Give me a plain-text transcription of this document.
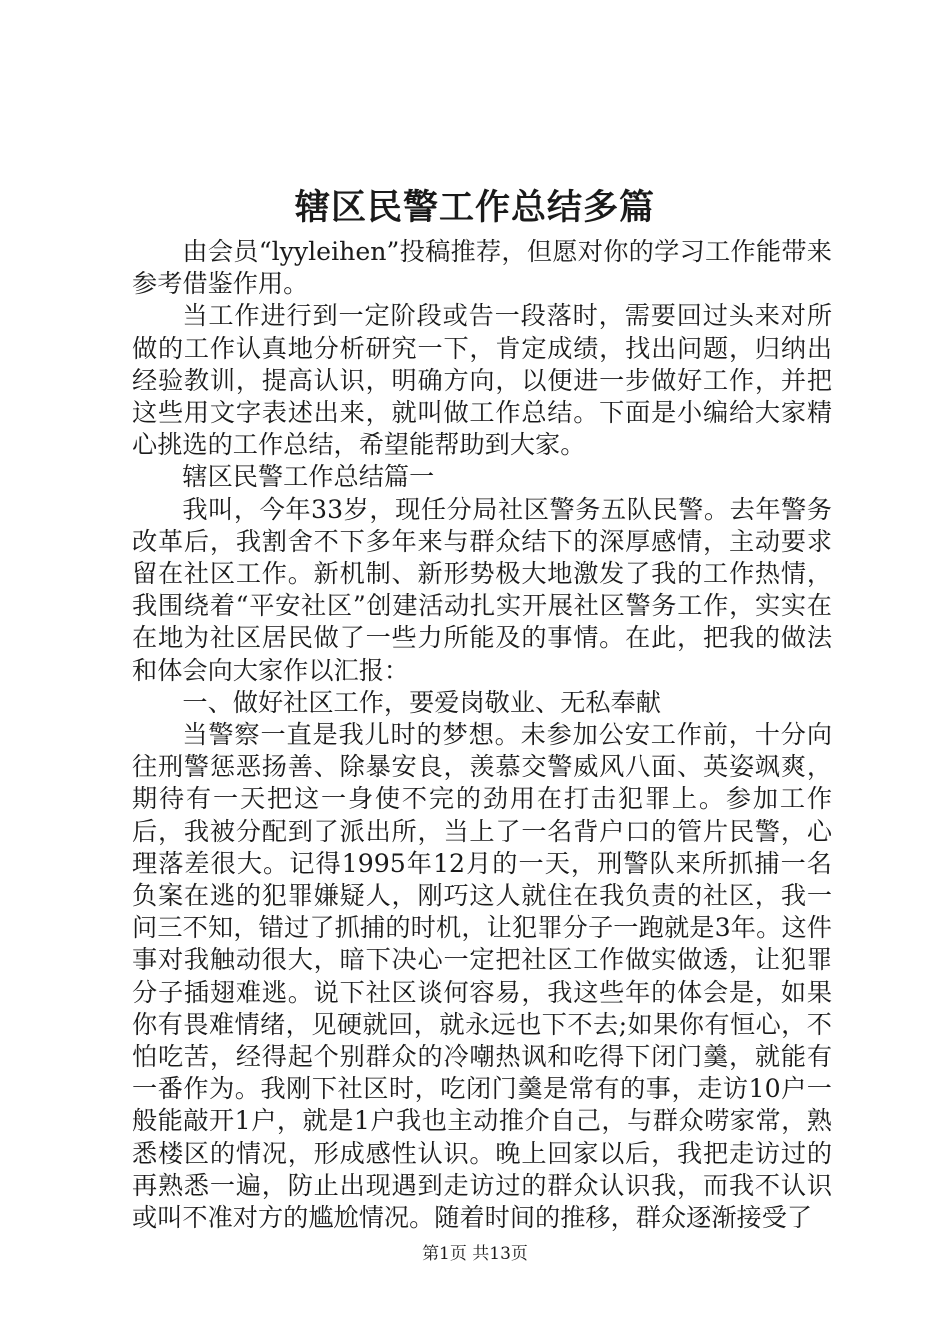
辖区民警工作总结多篇

由会员“lyyleihen”投稿推荐，但愿对你的学习工作能带来参考借鉴作用。

当工作进行到一定阶段或告一段落时，需要回过头来对所做的工作认真地分析研究一下，肯定成绩，找出问题，归纳出经验教训，提高认识，明确方向，以便进一步做好工作，并把这些用文字表述出来，就叫做工作总结。下面是小编给大家精心挑选的工作总结，希望能帮助到大家。

辖区民警工作总结篇一

我叫，今年33岁，现任分局社区警务五队民警。去年警务改革后，我割舍不下多年来与群众结下的深厚感情，主动要求留在社区工作。新机制、新形势极大地激发了我的工作热情，我围绕着“平安社区”创建活动扎实开展社区警务工作，实实在在地为社区居民做了一些力所能及的事情。在此，把我的做法和体会向大家作以汇报：

一、做好社区工作，要爱岗敬业、无私奉献

当警察一直是我儿时的梦想。未参加公安工作前，十分向往刑警惩恶扬善、除暴安良，羡慕交警威风八面、英姿飒爽，期待有一天把这一身使不完的劲用在打击犯罪上。参加工作后，我被分配到了派出所，当上了一名背户口的管片民警，心理落差很大。记得1995年12月的一天，刑警队来所抓捕一名负案在逃的犯罪嫌疑人，刚巧这人就住在我负责的社区，我一问三不知，错过了抓捕的时机，让犯罪分子一跑就是3年。这件事对我触动很大，暗下决心一定把社区工作做实做透，让犯罪分子插翅难逃。说下社区谈何容易，我这些年的体会是，如果你有畏难情绪，见硬就回，就永远也下不去;如果你有恒心，不怕吃苦，经得起个别群众的冷嘲热讽和吃得下闭门羹，就能有一番作为。我刚下社区时，吃闭门羹是常有的事，走访10户一般能敲开1户，就是1户我也主动推介自己，与群众唠家常，熟悉楼区的情况，形成感性认识。晚上回家以后，我把走访过的再熟悉一遍，防止出现遇到走访过的群众认识我，而我不认识或叫不准对方的尴尬情况。随着时间的推移，群众逐渐接受了

第1页 共13页
